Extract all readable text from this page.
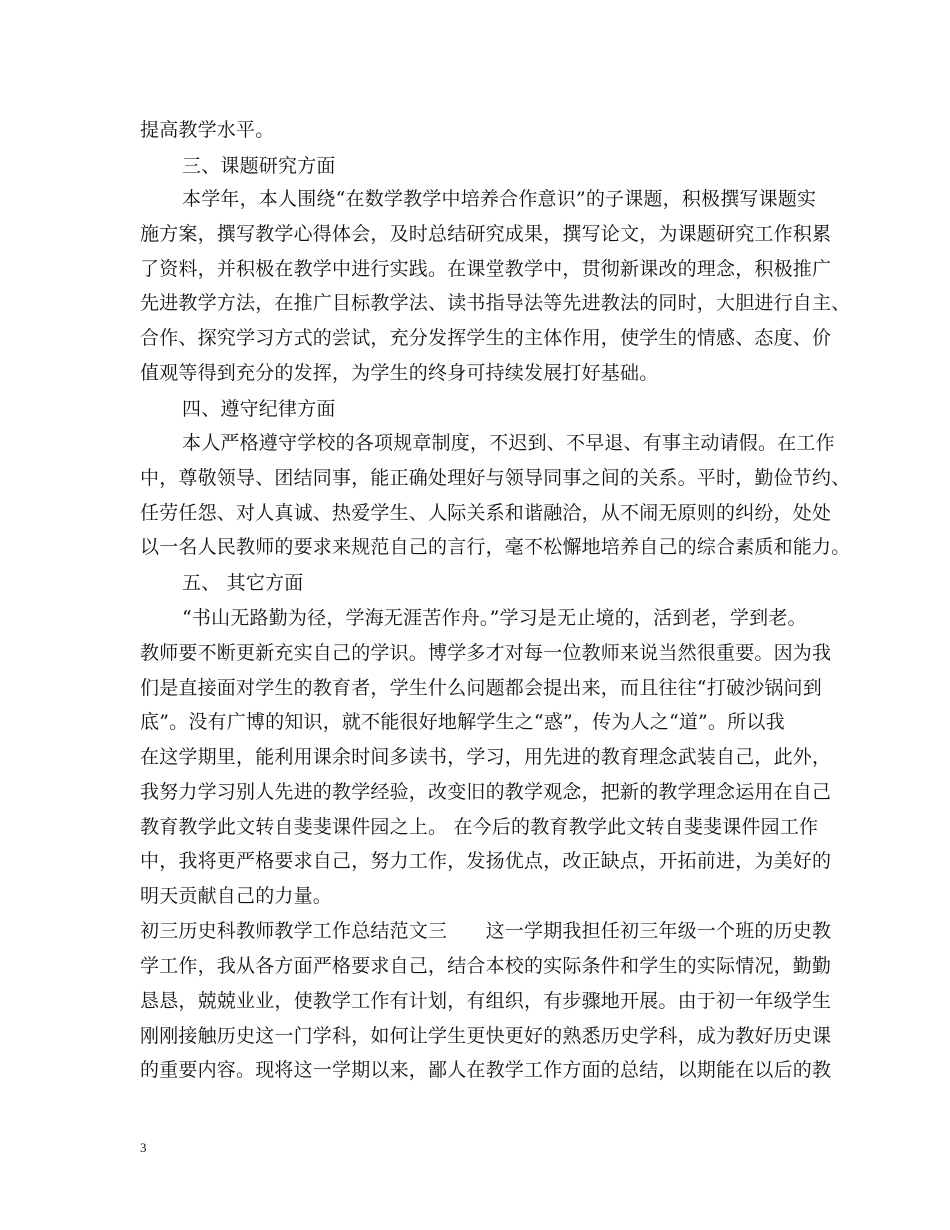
提高教学水平。
三、课题研究方面
本学年，本人围绕“在数学教学中培养合作意识”的子课题，积极撰写课题实
施方案，撰写教学心得体会，及时总结研究成果，撰写论文，为课题研究工作积累
了资料，并积极在教学中进行实践。在课堂教学中，贯彻新课改的理念，积极推广
先进教学方法，在推广目标教学法、读书指导法等先进教法的同时，大胆进行自主、
合作、探究学习方式的尝试，充分发挥学生的主体作用，使学生的情感、态度、价
值观等得到充分的发挥，为学生的终身可持续发展打好基础。
四、遵守纪律方面
本人严格遵守学校的各项规章制度，不迟到、不早退、有事主动请假。在工作
中，尊敬领导、团结同事，能正确处理好与领导同事之间的关系。平时，勤俭节约、
任劳任怨、对人真诚、热爱学生、人际关系和谐融洽，从不闹无原则的纠纷，处处
以一名人民教师的要求来规范自己的言行，毫不松懈地培养自己的综合素质和能力。
五、 其它方面
“书山无路勤为径，学海无涯苦作舟。”学习是无止境的，活到老，学到老。
教师要不断更新充实自己的学识。博学多才对每一位教师来说当然很重要。因为我
们是直接面对学生的教育者，学生什么问题都会提出来，而且往往“打破沙锅问到
底”。没有广博的知识，就不能很好地解学生之“惑”，传为人之“道”。所以我
在这学期里，能利用课余时间多读书，学习，用先进的教育理念武装自己，此外，
我努力学习别人先进的教学经验，改变旧的教学观念，把新的教学理念运用在自己
教育教学此文转自斐斐课件园之上。 在今后的教育教学此文转自斐斐课件园工作
中，我将更严格要求自己，努力工作，发扬优点，改正缺点，开拓前进，为美好的
明天贡献自己的力量。
初三历史科教师教学工作总结范文三　　这一学期我担任初三年级一个班的历史教
学工作，我从各方面严格要求自己，结合本校的实际条件和学生的实际情况，勤勤
恳恳，兢兢业业，使教学工作有计划，有组织，有步骤地开展。由于初一年级学生
刚刚接触历史这一门学科，如何让学生更快更好的熟悉历史学科，成为教好历史课
的重要内容。现将这一学期以来，鄙人在教学工作方面的总结，以期能在以后的教
3
